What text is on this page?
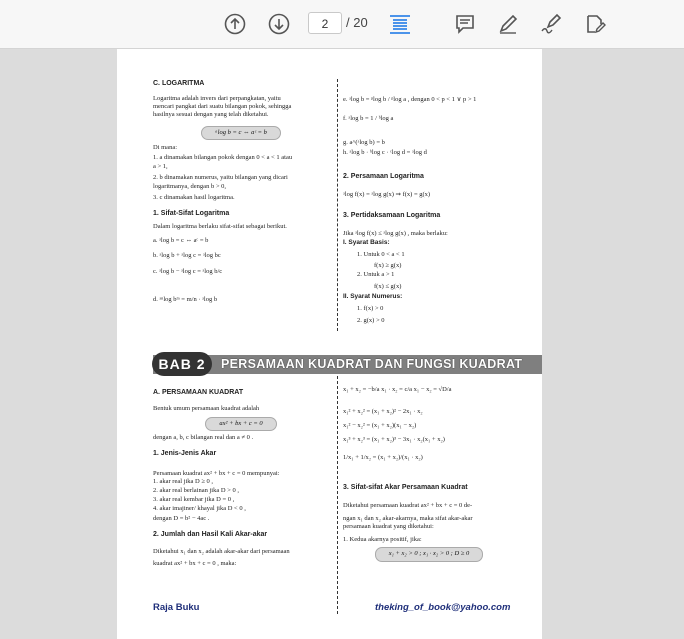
2	/ 20
C. LOGARITMA
Logaritma adalah invers dari perpangkatan, yaitu
mencari pangkat dari suatu bilangan pokok, sehingga
hasilnya sesuai dengan yang telah diketahui.
ᵃlog b = c ⇔ aᶜ = b
Di mana:
1. a dinamakan bilangan pokok dengan 0 < a < 1 atau
a > 1,
2. b dinamakan numerus, yaitu bilangan yang dicari
logaritmanya, dengan b > 0,
3. c dinamakan hasil logaritma.
1. Sifat-Sifat Logaritma
Dalam logaritma berlaku sifat-sifat sebagai berikut.
a. ᵃlog b = c ⇔ aᶜ = b
b. ᵃlog b + ᵃlog c = ᵃlog bc
c. ᵃlog b − ᵃlog c = ᵃlog b/c
d. ᵃⁿlog bᵐ = m/n · ᵃlog b
e. ᵃlog b = ᵖlog b / ᵖlog a , dengan 0 < p < 1 ∨ p > 1
f. ᵃlog b = 1 / ᵇlog a
g. a^(ᵃlog b) = b
h. ᵃlog b · ᵇlog c · ᶜlog d = ᵃlog d
2. Persamaan Logaritma
ᵃlog f(x) = ᵃlog g(x) ⇒ f(x) = g(x)
3. Pertidaksamaan Logaritma
Jika ᵃlog f(x) ≤ ᵃlog g(x) , maka berlaku:
I. Syarat Basis:
1. Untuk 0 < a < 1
f(x) ≥ g(x)
2. Untuk a > 1
f(x) ≤ g(x)
II. Syarat Numerus:
1. f(x) > 0
2. g(x) > 0
BAB 2	PERSAMAAN KUADRAT DAN FUNGSI KUADRAT
A. PERSAMAAN KUADRAT
Bentuk umum persamaan kuadrat adalah
ax² + bx + c = 0
dengan a, b, c bilangan real dan a ≠ 0 .
1. Jenis-Jenis Akar
Persamaan kuadrat ax² + bx + c = 0 mempunyai:
1. akar real jika D ≥ 0 ,
2. akar real berlainan jika D > 0 ,
3. akar real kembar jika D = 0 ,
4. akar imajiner/ khayal jika D < 0 ,
dengan D = b² − 4ac .
2. Jumlah dan Hasil Kali Akar-akar
Diketahui x₁ dan x₂ adalah akar-akar dari persamaan
kuadrat ax² + bx + c = 0 , maka:
x₁ + x₂ = −b/a x₁ · x₂ = c/a x₁ − x₂ = √D/a
x₁² + x₂² = (x₁ + x₂)² − 2x₁ · x₂
x₁² − x₂² = (x₁ + x₂)(x₁ − x₂)
x₁³ + x₂³ = (x₁ + x₂)³ − 3x₁ · x₂(x₁ + x₂)
1/x₁ + 1/x₂ = (x₁ + x₂)/(x₁ · x₂)
3. Sifat-sifat Akar Persamaan Kuadrat
Diketahui persamaan kuadrat ax² + bx + c = 0 de-
ngan x₁ dan x₂ akar-akarnya, maka sifat akar-akar
persamaan kuadrat yang diketahui:
1. Kedua akarnya positif, jika:
x₁ + x₂ > 0 ; x₁ · x₂ > 0 ; D ≥ 0
Raja Buku	theking_of_book@yahoo.com
